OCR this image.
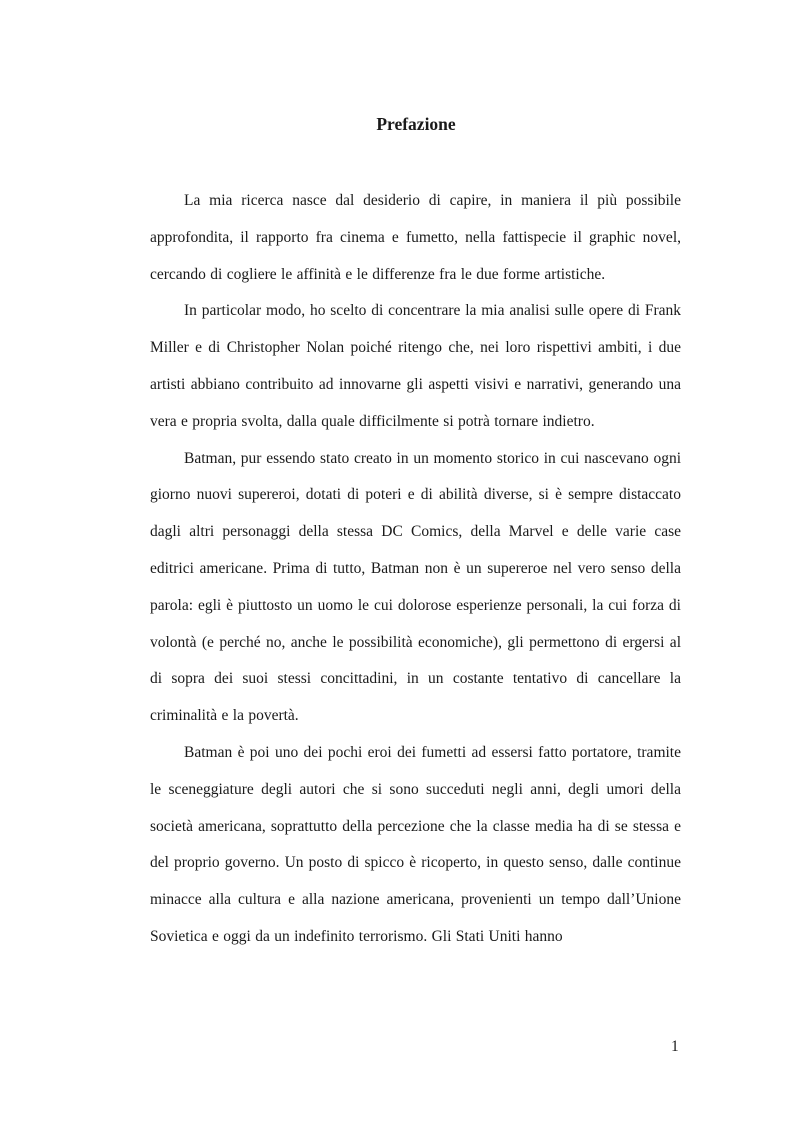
Prefazione

La mia ricerca nasce dal desiderio di capire, in maniera il più possibile approfondita, il rapporto fra cinema e fumetto, nella fattispecie il graphic novel, cercando di cogliere le affinità e le differenze fra le due forme artistiche.

In particolar modo, ho scelto di concentrare la mia analisi sulle opere di Frank Miller e di Christopher Nolan poiché ritengo che, nei loro rispettivi ambiti, i due artisti abbiano contribuito ad innovarne gli aspetti visivi e narrativi, generando una vera e propria svolta, dalla quale difficilmente si potrà tornare indietro.

Batman, pur essendo stato creato in un momento storico in cui nascevano ogni giorno nuovi supereroi, dotati di poteri e di abilità diverse, si è sempre distaccato dagli altri personaggi della stessa DC Comics, della Marvel e delle varie case editrici americane. Prima di tutto, Batman non è un supereroe nel vero senso della parola: egli è piuttosto un uomo le cui dolorose esperienze personali, la cui forza di volontà (e perché no, anche le possibilità economiche), gli permettono di ergersi al di sopra dei suoi stessi concittadini, in un costante tentativo di cancellare la criminalità e la povertà.

Batman è poi uno dei pochi eroi dei fumetti ad essersi fatto portatore, tramite le sceneggiature degli autori che si sono succeduti negli anni, degli umori della società americana, soprattutto della percezione che la classe media ha di se stessa e del proprio governo. Un posto di spicco è ricoperto, in questo senso, dalle continue minacce alla cultura e alla nazione americana, provenienti un tempo dall’Unione Sovietica e oggi da un indefinito terrorismo. Gli Stati Uniti hanno

1
